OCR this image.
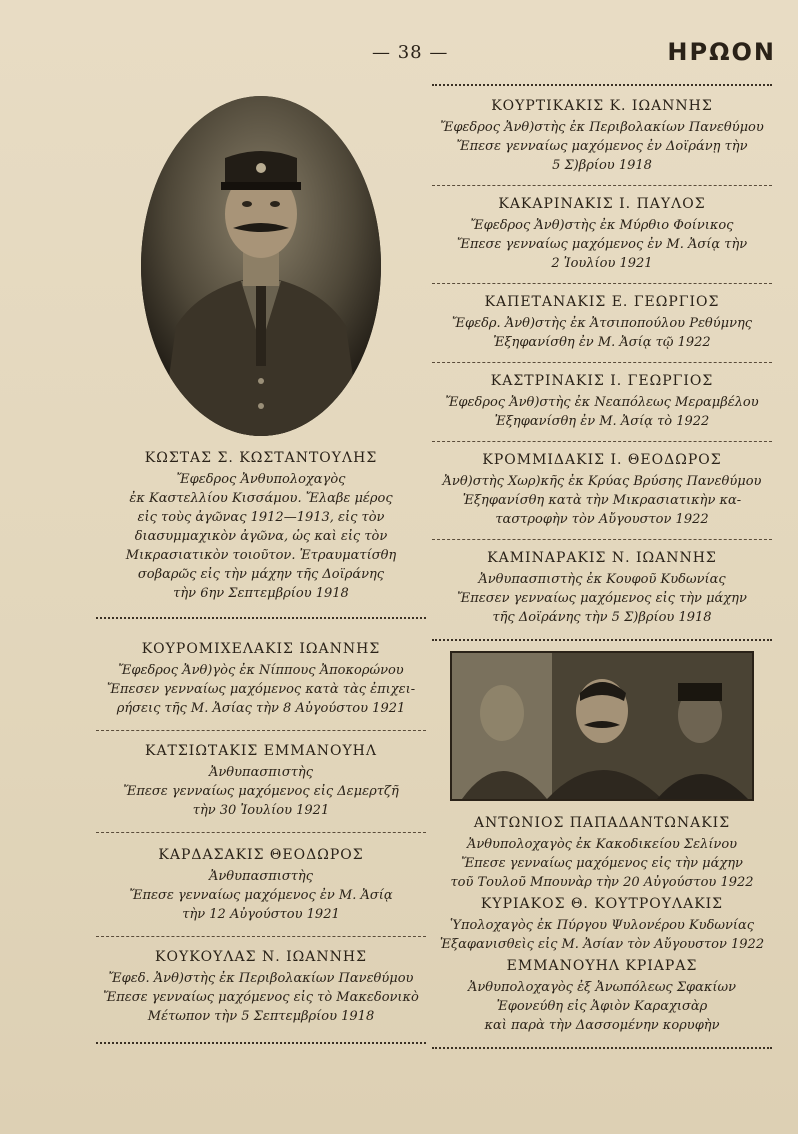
— 38 —	ΗΡΩΟΝ
ΚΩΣΤΑΣ Σ. ΚΩΣΤΑΝΤΟΥΛΗΣ
Ἔφεδρος Ἀνθυπολοχαγὸς
ἐκ Καστελλίου Κισσάμου. Ἔλαβε μέρος
εἰς τοὺς ἀγῶνας 1912—1913, εἰς τὸν
διασυμμαχικὸν ἀγῶνα, ὡς καὶ εἰς τὸν
Μικρασιατικὸν τοιοῦτον. Ἐτραυματίσθη
σοβαρῶς εἰς τὴν μάχην τῆς Δοϊράνης
τὴν 6ην Σεπτεμβρίου 1918
ΚΟΥΡΟΜΙΧΕΛΑΚΙΣ ΙΩΑΝΝΗΣ
Ἔφεδρος Ἀνθ)γὸς ἐκ Νίππους Ἀποκορώνου
Ἔπεσεν γενναίως μαχόμενος κατὰ τὰς ἐπιχει-
ρήσεις τῆς Μ. Ἀσίας τὴν 8 Αὐγούστου 1921
ΚΑΤΣΙΩΤΑΚΙΣ ΕΜΜΑΝΟΥΗΛ
Ἀνθυπασπιστὴς
Ἔπεσε γενναίως μαχόμενος εἰς Δεμερτζῆ
τὴν 30 Ἰουλίου 1921
ΚΑΡΔΑΣΑΚΙΣ ΘΕΟΔΩΡΟΣ
Ἀνθυπασπιστὴς
Ἔπεσε γενναίως μαχόμενος ἐν Μ. Ἀσίᾳ
τὴν 12 Αὐγούστου 1921
ΚΟΥΚΟΥΛΑΣ Ν. ΙΩΑΝΝΗΣ
Ἔφεδ. Ἀνθ)στὴς ἐκ Περιβολακίων Πανεθύμου
Ἔπεσε γενναίως μαχόμενος εἰς τὸ Μακεδονικὸ
Μέτωπον τὴν 5 Σεπτεμβρίου 1918
ΚΟΥΡΤΙΚΑΚΙΣ Κ. ΙΩΑΝΝΗΣ
Ἔφεδρος Ἀνθ)στὴς ἐκ Περιβολακίων Πανεθύμου
Ἔπεσε γενναίως μαχόμενος ἐν Δοϊράνῃ τὴν
5 Σ)βρίου 1918
ΚΑΚΑΡΙΝΑΚΙΣ Ι. ΠΑΥΛΟΣ
Ἔφεδρος Ἀνθ)στὴς ἐκ Μύρθιο Φοίνικος
Ἔπεσε γενναίως μαχόμενος ἐν Μ. Ἀσίᾳ τὴν
2 Ἰουλίου 1921
ΚΑΠΕΤΑΝΑΚΙΣ Ε. ΓΕΩΡΓΙΟΣ
Ἔφεδρ. Ἀνθ)στὴς ἐκ Ἀτσιποπούλου Ρεθύμνης
Ἐξηφανίσθη ἐν Μ. Ἀσίᾳ τῷ 1922
ΚΑΣΤΡΙΝΑΚΙΣ Ι. ΓΕΩΡΓΙΟΣ
Ἔφεδρος Ἀνθ)στὴς ἐκ Νεαπόλεως Μεραμβέλου
Ἐξηφανίσθη ἐν Μ. Ἀσίᾳ τὸ 1922
ΚΡΟΜΜΙΔΑΚΙΣ Ι. ΘΕΟΔΩΡΟΣ
Ἀνθ)στὴς Χωρ)κῆς ἐκ Κρύας Βρύσης Πανεθύμου
Ἐξηφανίσθη κατὰ τὴν Μικρασιατικὴν κα-
ταστροφὴν τὸν Αὔγουστον 1922
ΚΑΜΙΝΑΡΑΚΙΣ Ν. ΙΩΑΝΝΗΣ
Ἀνθυπασπιστὴς ἐκ Κουφοῦ Κυδωνίας
Ἔπεσεν γενναίως μαχόμενος εἰς τὴν μάχην
τῆς Δοϊράνης τὴν 5 Σ)βρίου 1918
ΑΝΤΩΝΙΟΣ ΠΑΠΑΔΑΝΤΩΝΑΚΙΣ
Ἀνθυπολοχαγὸς ἐκ Κακοδικείου Σελίνου
Ἔπεσε γενναίως μαχόμενος εἰς τὴν μάχην
τοῦ Τουλοῦ Μπουνὰρ τὴν 20 Αὐγούστου 1922
ΚΥΡΙΑΚΟΣ Θ. ΚΟΥΤΡΟΥΛΑΚΙΣ
Ὑπολοχαγὸς ἐκ Πύργου Ψυλονέρου Κυδωνίας
Ἐξαφανισθεὶς εἰς Μ. Ἀσίαν τὸν Αὔγουστον 1922
ΕΜΜΑΝΟΥΗΛ ΚΡΙΑΡΑΣ
Ἀνθυπολοχαγὸς ἐξ Ἀνωπόλεως Σφακίων
Ἐφονεύθη εἰς Ἀφιὸν Καραχισὰρ
καὶ παρὰ τὴν Δασσομένην κορυφὴν
